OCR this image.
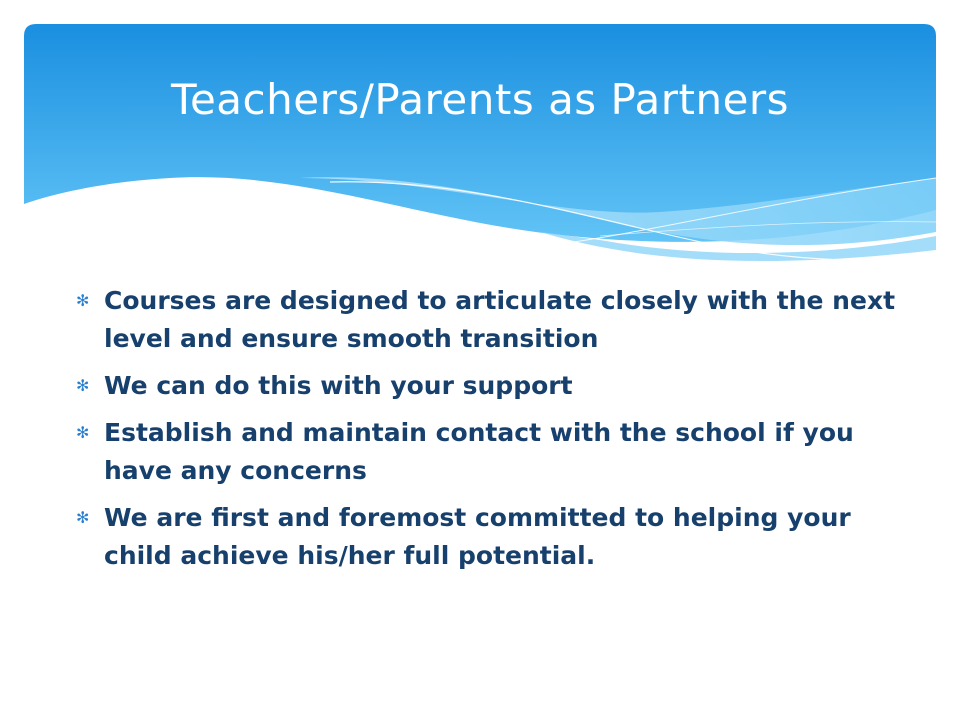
Teachers/Parents as Partners
✻ Courses are designed to articulate closely with the next level and ensure smooth transition
✻ We can do this with your support
✻ Establish and maintain contact with the school if you have any concerns
✻ We are first and foremost committed to helping your child achieve his/her full potential.
